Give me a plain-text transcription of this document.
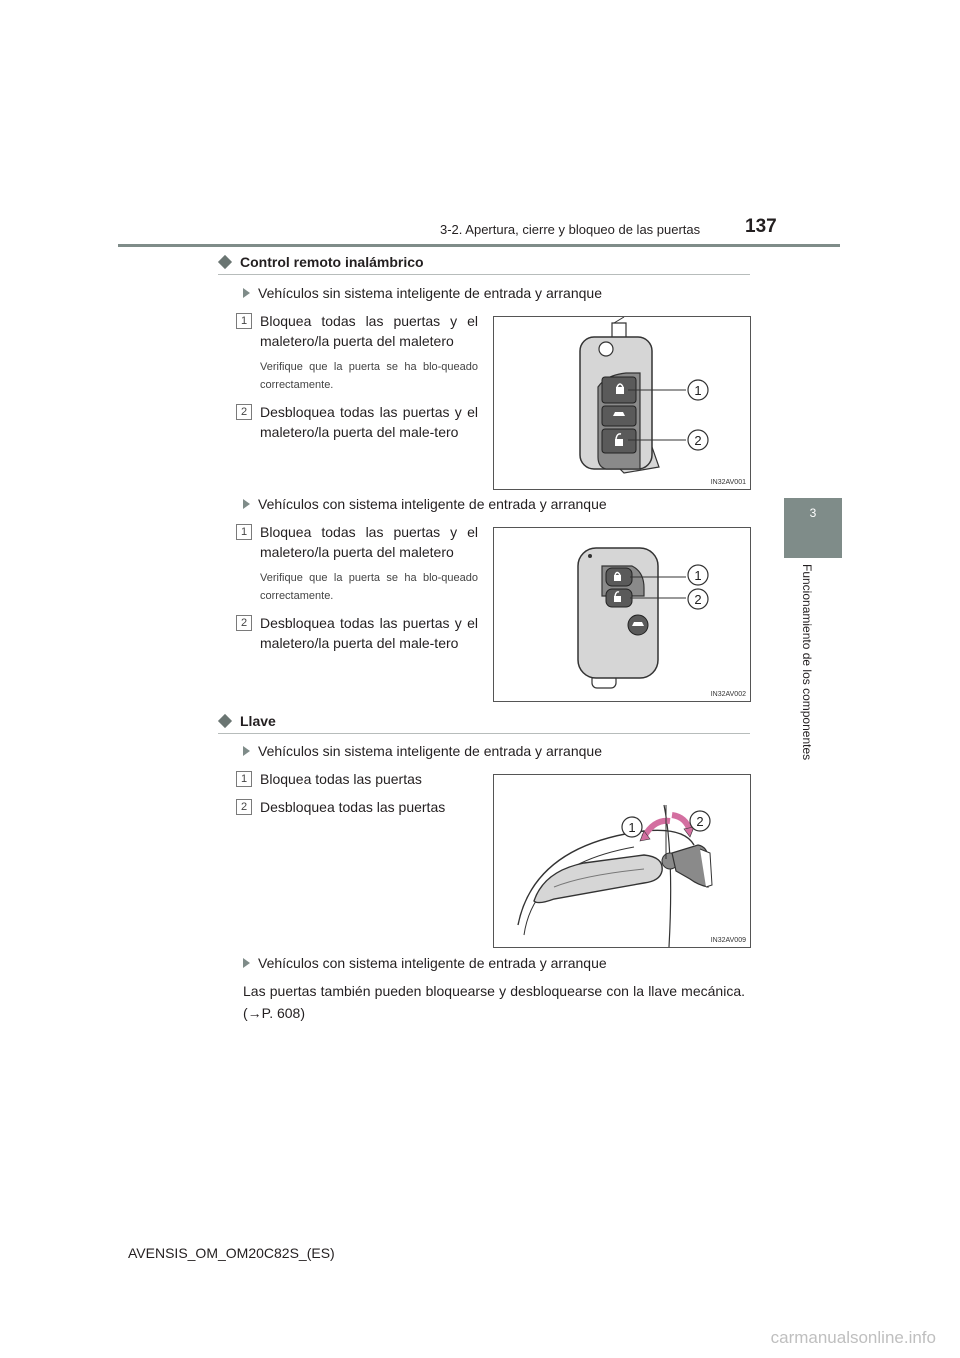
3-2. Apertura, cierre y bloqueo de las puertas 137
3
Funcionamiento de los componentes
Control remoto inalámbrico
Vehículos sin sistema inteligente de entrada y arranque
1 Bloquea todas las puertas y el maletero/la puerta del maletero
Verifique que la puerta se ha blo-queado correctamente.
2 Desbloquea todas las puertas y el maletero/la puerta del male-tero
1
2
IN32AV001
Vehículos con sistema inteligente de entrada y arranque
1 Bloquea todas las puertas y el maletero/la puerta del maletero
Verifique que la puerta se ha blo-queado correctamente.
2 Desbloquea todas las puertas y el maletero/la puerta del male-tero
1
2
IN32AV002
Llave
Vehículos sin sistema inteligente de entrada y arranque
1 Bloquea todas las puertas
2 Desbloquea todas las puertas
1	2
IN32AV009
Vehículos con sistema inteligente de entrada y arranque
Las puertas también pueden bloquearse y desbloquearse con la llave mecánica. (→P. 608)
AVENSIS_OM_OM20C82S_(ES)
carmanualsonline.info
